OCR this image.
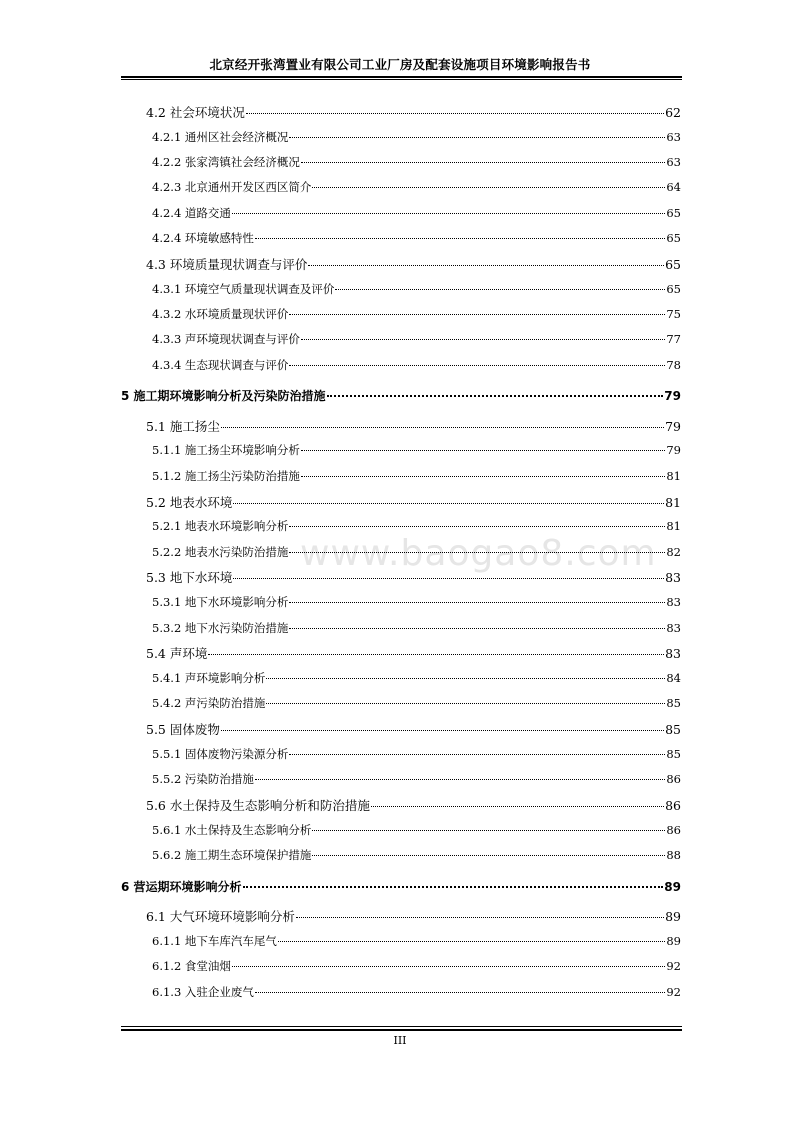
北京经开张湾置业有限公司工业厂房及配套设施项目环境影响报告书
www.baogao8.com
4.2 社会环境状况	62
4.2.1 通州区社会经济概况	63
4.2.2 张家湾镇社会经济概况	63
4.2.3 北京通州开发区西区简介	64
4.2.4 道路交通	65
4.2.4 环境敏感特性	65
4.3 环境质量现状调查与评价	65
4.3.1 环境空气质量现状调查及评价	65
4.3.2 水环境质量现状评价	75
4.3.3 声环境现状调查与评价	77
4.3.4 生态现状调查与评价	78
5 施工期环境影响分析及污染防治措施	79
5.1 施工扬尘	79
5.1.1 施工扬尘环境影响分析	79
5.1.2 施工扬尘污染防治措施	81
5.2 地表水环境	81
5.2.1 地表水环境影响分析	81
5.2.2 地表水污染防治措施	82
5.3 地下水环境	83
5.3.1 地下水环境影响分析	83
5.3.2 地下水污染防治措施	83
5.4 声环境	83
5.4.1 声环境影响分析	84
5.4.2 声污染防治措施	85
5.5 固体废物	85
5.5.1 固体废物污染源分析	85
5.5.2 污染防治措施	86
5.6 水土保持及生态影响分析和防治措施	86
5.6.1 水土保持及生态影响分析	86
5.6.2 施工期生态环境保护措施	88
6 营运期环境影响分析	89
6.1 大气环境环境影响分析	89
6.1.1 地下车库汽车尾气	89
6.1.2 食堂油烟	92
6.1.3 入驻企业废气	92
III
